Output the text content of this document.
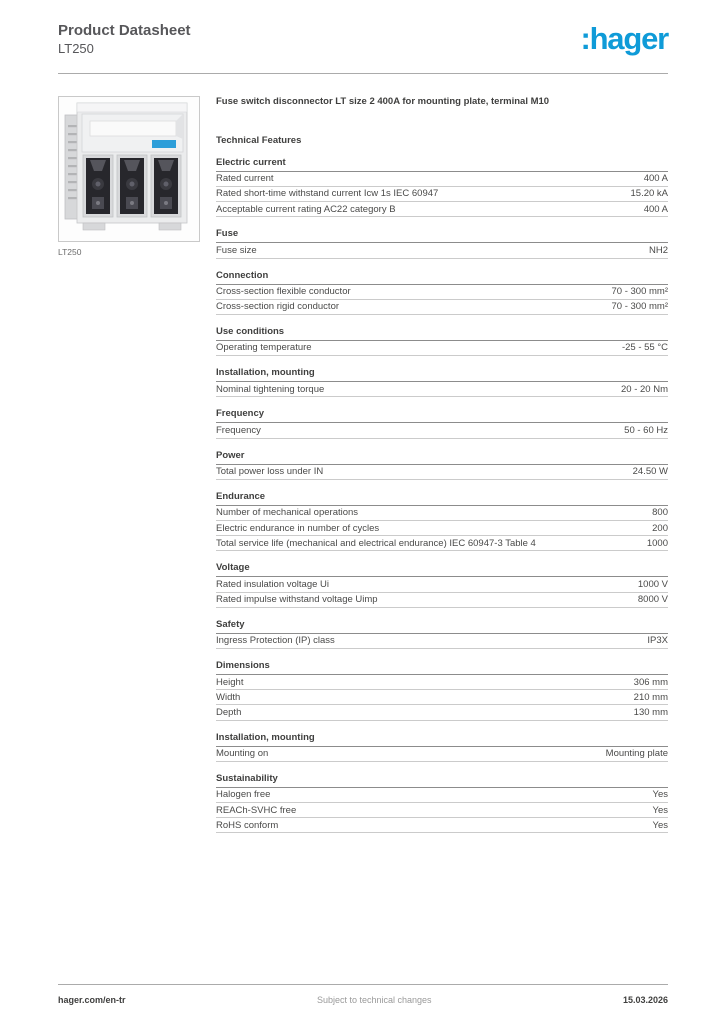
Product Datasheet
LT250	:hager
LT250
Fuse switch disconnector LT size 2 400A for mounting plate, terminal M10
Technical Features
Electric current
Rated current	400 A
Rated short-time withstand current Icw 1s IEC 60947	15.20 kA
Acceptable current rating AC22 category B	400 A
Fuse
Fuse size	NH2
Connection
Cross-section flexible conductor	70 - 300 mm²
Cross-section rigid conductor	70 - 300 mm²
Use conditions
Operating temperature	-25 - 55 °C
Installation, mounting
Nominal tightening torque	20 - 20 Nm
Frequency
Frequency	50 - 60 Hz
Power
Total power loss under IN	24.50 W
Endurance
Number of mechanical operations	800
Electric endurance in number of cycles	200
Total service life (mechanical and electrical endurance) IEC 60947-3 Table 4	1000
Voltage
Rated insulation voltage Ui	1000 V
Rated impulse withstand voltage Uimp	8000 V
Safety
Ingress Protection (IP) class	IP3X
Dimensions
Height	306 mm
Width	210 mm
Depth	130 mm
Installation, mounting
Mounting on	Mounting plate
Sustainability
Halogen free	Yes
REACh-SVHC free	Yes
RoHS conform	Yes
hager.com/en-tr	Subject to technical changes	15.03.2026
